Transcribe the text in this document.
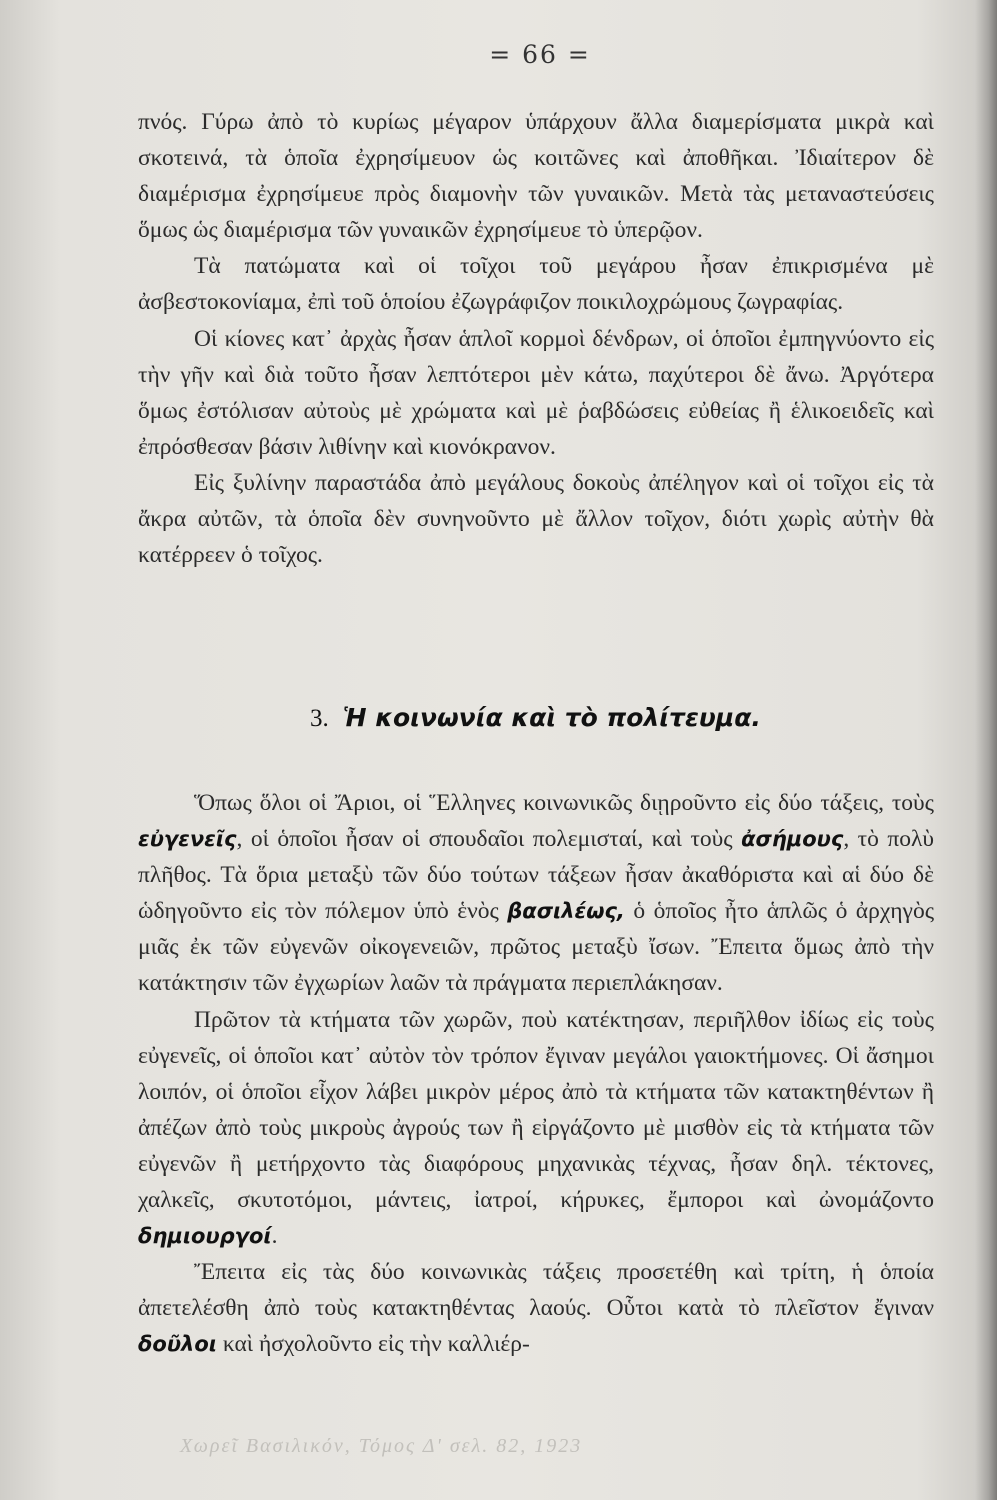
= 66 =

πνός. Γύρω ἀπὸ τὸ κυρίως μέγαρον ὑπάρχουν ἄλλα διαμερίσματα μικρὰ καὶ σκοτεινά, τὰ ὁποῖα ἐχρησίμευον ὡς κοιτῶνες καὶ ἀποθῆκαι. Ἰδιαίτερον δὲ διαμέρισμα ἐχρησίμευε πρὸς διαμονὴν τῶν γυναικῶν. Μετὰ τὰς μεταναστεύσεις ὅμως ὡς διαμέρισμα τῶν γυναικῶν ἐχρησίμευε τὸ ὑπερῷον.

Τὰ πατώματα καὶ οἱ τοῖχοι τοῦ μεγάρου ἦσαν ἐπικρισμένα μὲ ἀσβεστοκονίαμα, ἐπὶ τοῦ ὁποίου ἐζωγράφιζον ποικιλοχρώμους ζωγραφίας.

Οἱ κίονες κατ᾽ ἀρχὰς ἦσαν ἁπλοῖ κορμοὶ δένδρων, οἱ ὁποῖοι ἐμπηγνύοντο εἰς τὴν γῆν καὶ διὰ τοῦτο ἦσαν λεπτότεροι μὲν κάτω, παχύτεροι δὲ ἄνω. Ἀργότερα ὅμως ἐστόλισαν αὐτοὺς μὲ χρώματα καὶ μὲ ῥαβδώσεις εὐθείας ἢ ἑλικοειδεῖς καὶ ἐπρόσθεσαν βάσιν λιθίνην καὶ κιονόκρανον.

Εἰς ξυλίνην παραστάδα ἀπὸ μεγάλους δοκοὺς ἀπέληγον καὶ οἱ τοῖχοι εἰς τὰ ἄκρα αὐτῶν, τὰ ὁποῖα δὲν συνηνοῦντο μὲ ἄλλον τοῖχον, διότι χωρὶς αὐτὴν θὰ κατέρρεεν ὁ τοῖχος.

3. Ἡ κοινωνία καὶ τὸ πολίτευμα.

Ὅπως ὅλοι οἱ Ἄριοι, οἱ Ἕλληνες κοινωνικῶς διῃροῦντο εἰς δύο τάξεις, τοὺς εὐγενεῖς, οἱ ὁποῖοι ἦσαν οἱ σπουδαῖοι πολεμισταί, καὶ τοὺς ἀσήμους, τὸ πολὺ πλῆθος. Τὰ ὅρια μεταξὺ τῶν δύο τούτων τάξεων ἦσαν ἀκαθόριστα καὶ αἱ δύο δὲ ὡδηγοῦντο εἰς τὸν πόλεμον ὑπὸ ἑνὸς βασιλέως, ὁ ὁποῖος ἦτο ἁπλῶς ὁ ἀρχηγὸς μιᾶς ἐκ τῶν εὐγενῶν οἰκογενειῶν, πρῶτος μεταξὺ ἴσων. Ἔπειτα ὅμως ἀπὸ τὴν κατάκτησιν τῶν ἐγχωρίων λαῶν τὰ πράγματα περιεπλάκησαν.

Πρῶτον τὰ κτήματα τῶν χωρῶν, ποὺ κατέκτησαν, περιῆλθον ἰδίως εἰς τοὺς εὐγενεῖς, οἱ ὁποῖοι κατ᾽ αὐτὸν τὸν τρόπον ἔγιναν μεγάλοι γαιοκτήμονες. Οἱ ἄσημοι λοιπόν, οἱ ὁποῖοι εἶχον λάβει μικρὸν μέρος ἀπὸ τὰ κτήματα τῶν κατακτηθέντων ἢ ἀπέζων ἀπὸ τοὺς μικροὺς ἀγρούς των ἢ εἰργάζοντο μὲ μισθὸν εἰς τὰ κτήματα τῶν εὐγενῶν ἢ μετήρχοντο τὰς διαφόρους μηχανικὰς τέχνας, ἦσαν δηλ. τέκτονες, χαλκεῖς, σκυτοτόμοι, μάντεις, ἰατροί, κήρυκες, ἔμποροι καὶ ὠνομάζοντο δημιουργοί.

Ἔπειτα εἰς τὰς δύο κοινωνικὰς τάξεις προσετέθη καὶ τρίτη, ἡ ὁποία ἀπετελέσθη ἀπὸ τοὺς κατακτηθέντας λαούς. Οὗτοι κατὰ τὸ πλεῖστον ἔγιναν δοῦλοι καὶ ἠσχολοῦντο εἰς τὴν καλλιέρ-

Χωρεῖ Βασιλικόν, Τόμος Δ' σελ. 82, 1923
